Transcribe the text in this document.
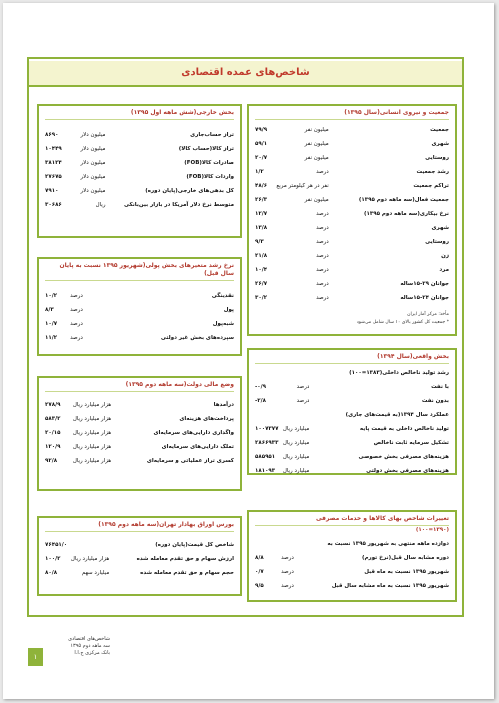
شاخص‌های عمده اقتصادی
جمعیت و نیروی انسانی(سال ۱۳۹۵)
جمعیت
میلیون نفر
۷۹/۹
شهری
میلیون نفر
۵۹/۱
روستایی
میلیون نفر
۲۰/۷
رشد جمعیت
درصد
۱/۲
تراکم جمعیت
نفر در هر کیلومتر مربع
۴۸/۶
جمعیت فعال(سه ماهه دوم ۱۳۹۵)
میلیون نفر
۲۶/۳
نرخ بیکاری(سه ماهه دوم ۱۳۹۵)
درصد
۱۲/۷
شهری
درصد
۱۳/۸
روستایی
درصد
۹/۳
زن
درصد
۲۱/۸
مرد
درصد
۱۰/۴
جوانان ۲۹-۱۵ساله
درصد
۲۶/۷
جوانان ۲۴-۱۵ساله
درصد
۳۰/۲
مأخذ: مرکز آمار ایران
* جمعیت کل کشور بالای ۱۰ سال شامل می‌شود
بخش خارجی(شش ماهه اول ۱۳۹۵)
تراز حساب‌جاری
میلیون دلار
۸۶۹۰
تراز کالا(حساب کالا)
میلیون دلار
۱۰۴۴۹
صادرات کالا(FOB)
میلیون دلار
۳۸۱۲۴
واردات کالا(FOB)
میلیون دلار
۲۷۶۷۵
کل بدهی‌های خارجی(پایان دوره)
میلیون دلار
۷۹۱۰
متوسط نرخ دلار آمریکا در بازار بین‌بانکی
ریال
۳۰۶۸۶
نرخ رشد متغیرهای بخش پولی(شهریور ۱۳۹۵ نسبت به پایان سال قبل)
نقدینگی
درصد
۱۰/۲
پول
درصد
۸/۳
شبه‌پول
درصد
۱۰/۷
سپرده‌های بخش غیر دولتی
درصد
۱۱/۲
بخش واقعی(سال ۱۳۹۴)
رشد تولید ناخالص داخلی(۱۳۸۳=۱۰۰)
با نفت
درصد
۰/۹-
بدون نفت
درصد
۲/۸-
عملکرد سال ۱۳۹۴(به قیمت‌های جاری)
تولید ناخالص داخلی به قیمت پایه
میلیارد ریال
۱۰۰۷۳۷۷
تشکیل سرمایه ثابت ناخالص
میلیارد ریال
۲۸۶۶۹۳۳
هزینه‌های مصرفی بخش خصوصی
میلیارد ریال
۵۸۵۹۵۱
هزینه‌های مصرفی بخش دولتی
میلیارد ریال
۱۸۱۰۹۳
وضع مالی دولت(سه ماهه دوم ۱۳۹۵)
درآمدها
هزار میلیارد ریال
۲۷۸/۹
پرداخت‌های هزینه‌ای
هزار میلیارد ریال
۵۸۳/۲
واگذاری دارایی‌های سرمایه‌ای
هزار میلیارد ریال
۲۰/۱۵
تملک دارایی‌های سرمایه‌ای
هزار میلیارد ریال
۱۲۰/۹
کسری تراز عملیاتی و سرمایه‌ای
هزار میلیارد ریال
۹۲/۸
تغییرات شاخص بهای کالاها و خدمات مصرفی
(۱۳۹۰=۱۰۰)
دوازده ماهه منتهی به شهریور ۱۳۹۵ نسبت به
دوره مشابه سال قبل(نرخ تورم)
درصد
۸/۸
شهریور ۱۳۹۵ نسبت به ماه قبل
درصد
۰/۷
شهریور ۱۳۹۵ نسبت به ماه مشابه سال قبل
درصد
۹/۵
بورس اوراق بهادار تهران(سه ماهه دوم ۱۳۹۵)
شاخص کل قیمت(پایان دوره)
۷۶۴۵۱/۰
ارزش سهام و حق تقدم معامله شده
هزار میلیارد ریال
۱۰۰/۲
حجم سهام و حق تقدم معامله شده
میلیارد سهم
۸۰/۸
۱
شاخص‌های اقتصادی
سه ماهه دوم ۱۳۹۵
بانک مرکزی ج.ا.ا
